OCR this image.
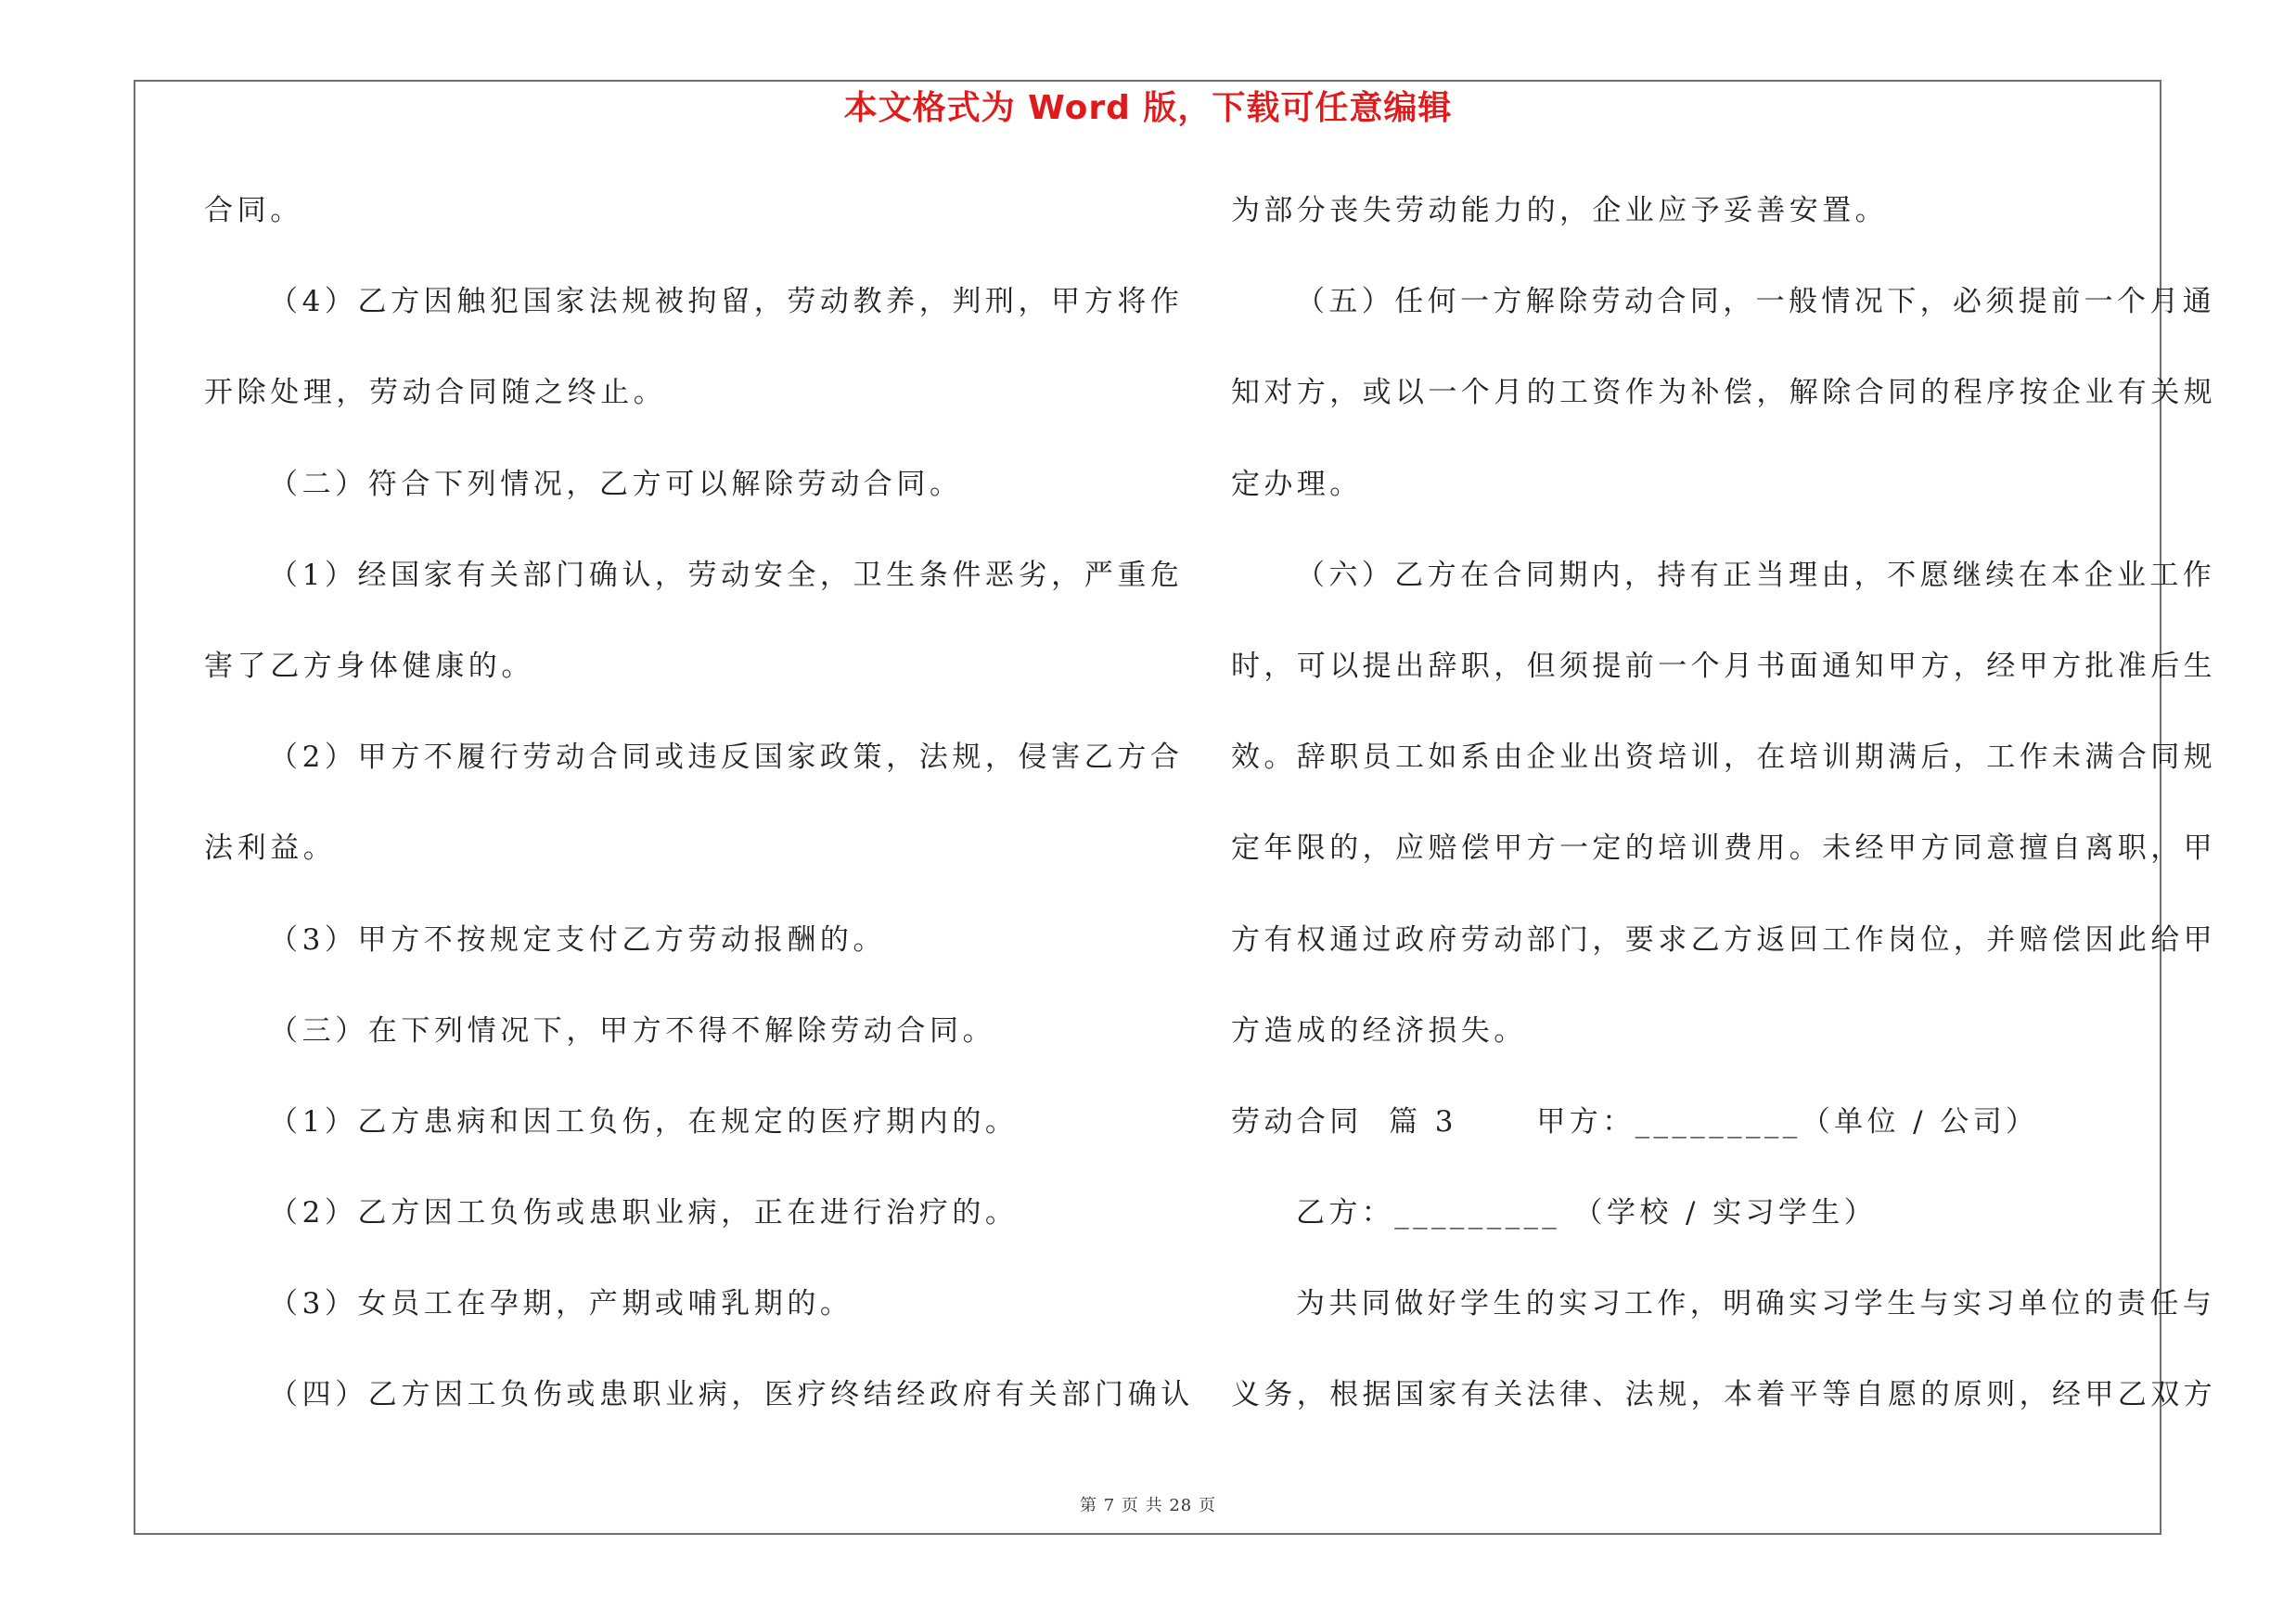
本文格式为 Word 版，下载可任意编辑
合同。
（4）乙方因触犯国家法规被拘留，劳动教养，判刑，甲方将作
开除处理，劳动合同随之终止。
（二）符合下列情况，乙方可以解除劳动合同。
（1）经国家有关部门确认，劳动安全，卫生条件恶劣，严重危
害了乙方身体健康的。
（2）甲方不履行劳动合同或违反国家政策，法规，侵害乙方合
法利益。
（3）甲方不按规定支付乙方劳动报酬的。
（三）在下列情况下，甲方不得不解除劳动合同。
（1）乙方患病和因工负伤，在规定的医疗期内的。
（2）乙方因工负伤或患职业病，正在进行治疗的。
（3）女员工在孕期，产期或哺乳期的。
（四）乙方因工负伤或患职业病，医疗终结经政府有关部门确认
为部分丧失劳动能力的，企业应予妥善安置。
（五）任何一方解除劳动合同，一般情况下，必须提前一个月通
知对方，或以一个月的工资作为补偿，解除合同的程序按企业有关规
定办理。
（六）乙方在合同期内，持有正当理由，不愿继续在本企业工作
时，可以提出辞职，但须提前一个月书面通知甲方，经甲方批准后生
效。辞职员工如系由企业出资培训，在培训期满后，工作未满合同规
定年限的，应赔偿甲方一定的培训费用。未经甲方同意擅自离职，甲
方有权通过政府劳动部门，要求乙方返回工作岗位，并赔偿因此给甲
方造成的经济损失。
劳动合同  篇 3      甲方：_________（单位 / 公司）
乙方：_________ （学校 / 实习学生）
为共同做好学生的实习工作，明确实习学生与实习单位的责任与
义务，根据国家有关法律、法规，本着平等自愿的原则，经甲乙双方
第 7 页 共 28 页
